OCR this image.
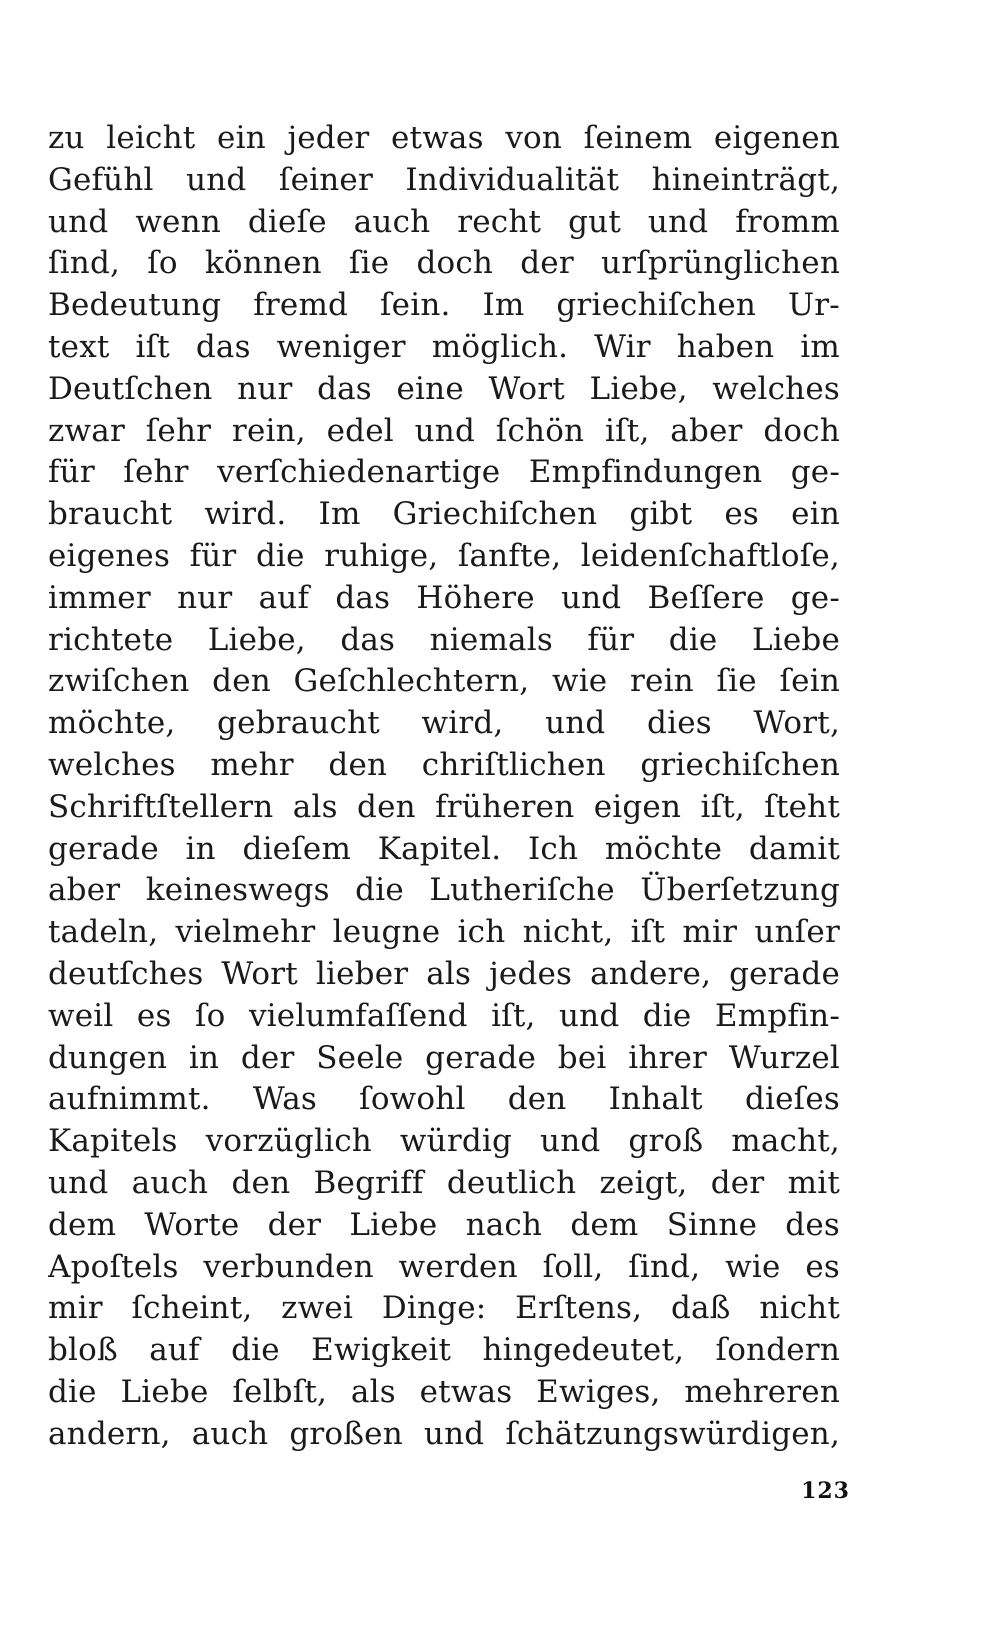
zu leicht ein jeder etwas von ſeinem eigenen
Gefühl und ſeiner Individualität hineinträgt,
und wenn dieſe auch recht gut und fromm
ſind, ſo können ſie doch der urſprünglichen
Bedeutung fremd ſein. Im griechiſchen Ur-
text iſt das weniger möglich. Wir haben im
Deutſchen nur das eine Wort Liebe, welches
zwar ſehr rein, edel und ſchön iſt, aber doch
für ſehr verſchiedenartige Empfindungen ge-
braucht wird. Im Griechiſchen gibt es ein
eigenes für die ruhige, ſanfte, leidenſchaftloſe,
immer nur auf das Höhere und Beſſere ge-
richtete Liebe, das niemals für die Liebe
zwiſchen den Geſchlechtern, wie rein ſie ſein
möchte, gebraucht wird, und dies Wort,
welches mehr den chriſtlichen griechiſchen
Schriftſtellern als den früheren eigen iſt, ſteht
gerade in dieſem Kapitel. Ich möchte damit
aber keineswegs die Lutheriſche Überſetzung
tadeln, vielmehr leugne ich nicht, iſt mir unſer
deutſches Wort lieber als jedes andere, gerade
weil es ſo vielumfaſſend iſt, und die Empfin-
dungen in der Seele gerade bei ihrer Wurzel
aufnimmt. Was ſowohl den Inhalt dieſes
Kapitels vorzüglich würdig und groß macht,
und auch den Begriff deutlich zeigt, der mit
dem Worte der Liebe nach dem Sinne des
Apoſtels verbunden werden ſoll, ſind, wie es
mir ſcheint, zwei Dinge: Erſtens, daß nicht
bloß auf die Ewigkeit hingedeutet, ſondern
die Liebe ſelbſt, als etwas Ewiges, mehreren
andern, auch großen und ſchätzungswürdigen,
123
